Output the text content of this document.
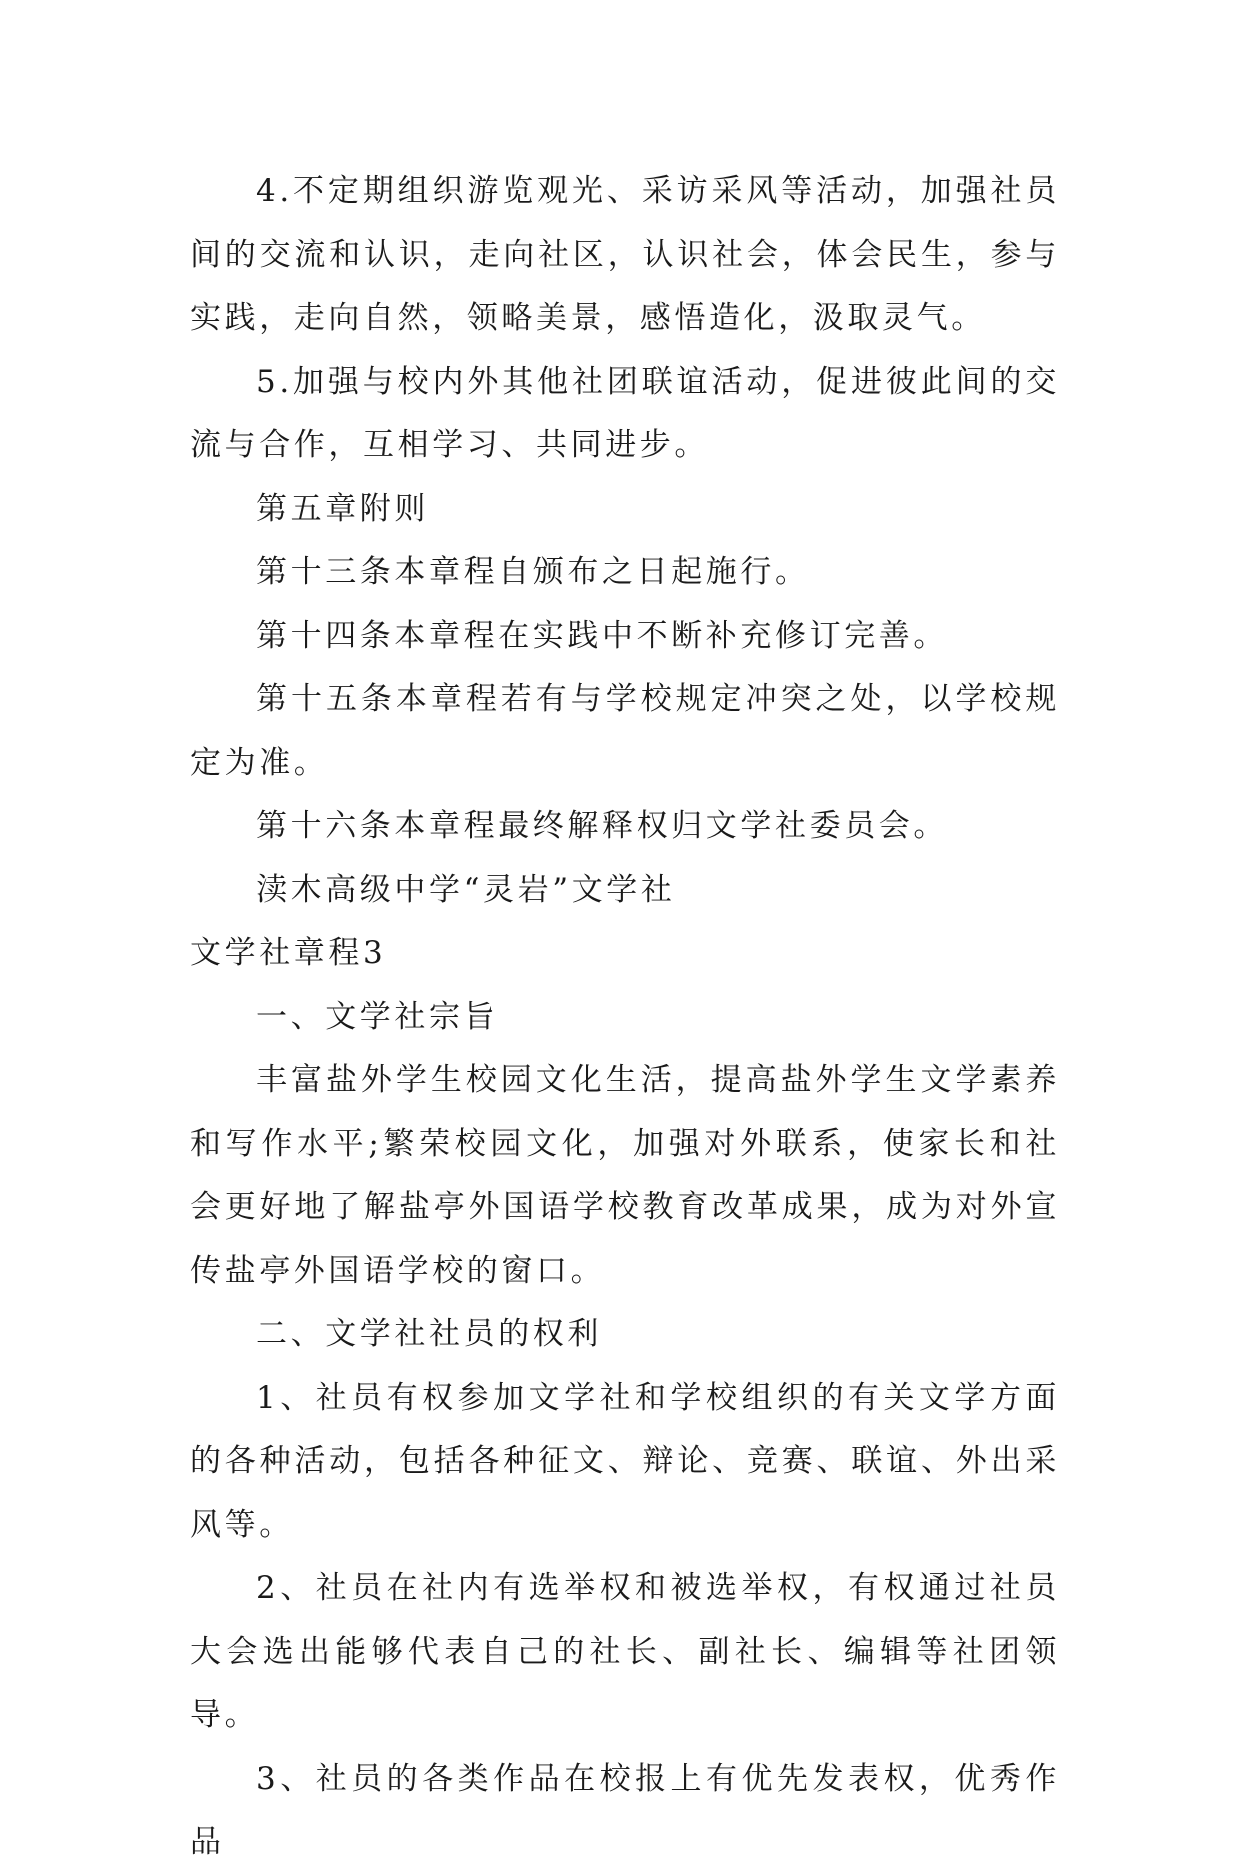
4.不定期组织游览观光、采访采风等活动，加强社员间的交流和认识，走向社区，认识社会，体会民生，参与实践，走向自然，领略美景，感悟造化，汲取灵气。

5.加强与校内外其他社团联谊活动，促进彼此间的交流与合作，互相学习、共同进步。

第五章附则

第十三条本章程自颁布之日起施行。

第十四条本章程在实践中不断补充修订完善。

第十五条本章程若有与学校规定冲突之处，以学校规定为准。

第十六条本章程最终解释权归文学社委员会。

渎木高级中学“灵岩”文学社

文学社章程3

一、文学社宗旨

丰富盐外学生校园文化生活，提高盐外学生文学素养和写作水平;繁荣校园文化，加强对外联系，使家长和社会更好地了解盐亭外国语学校教育改革成果，成为对外宣传盐亭外国语学校的窗口。

二、文学社社员的权利

1、社员有权参加文学社和学校组织的有关文学方面的各种活动，包括各种征文、辩论、竞赛、联谊、外出采风等。

2、社员在社内有选举权和被选举权，有权通过社员大会选出能够代表自己的社长、副社长、编辑等社团领导。

3、社员的各类作品在校报上有优先发表权，优秀作品
